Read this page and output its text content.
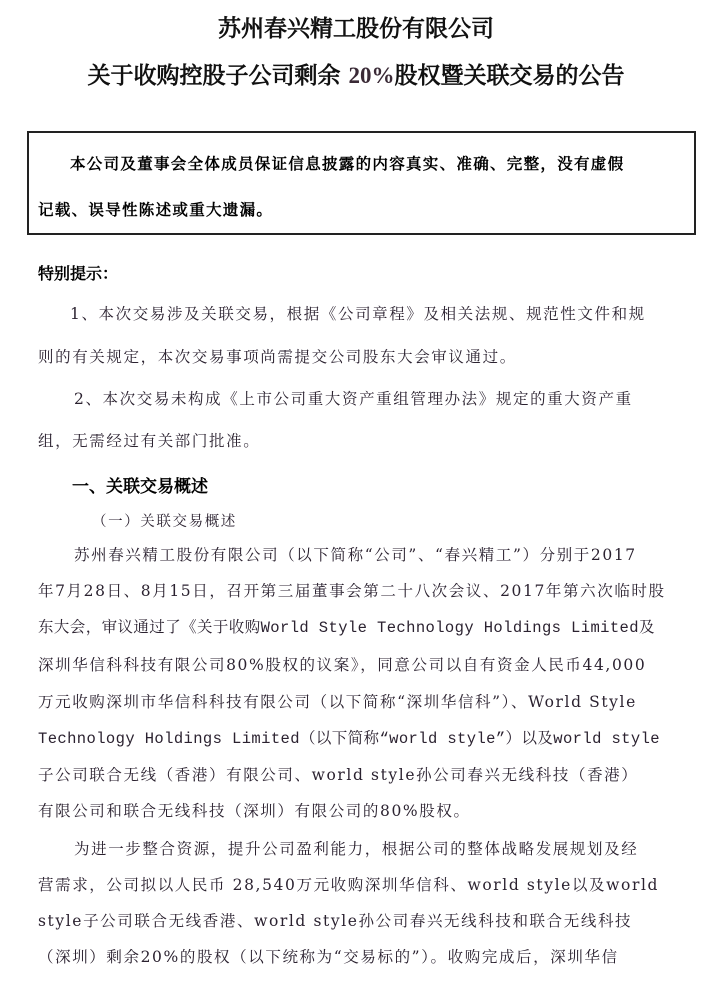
苏州春兴精工股份有限公司
关于收购控股子公司剩余 20%股权暨关联交易的公告
本公司及董事会全体成员保证信息披露的内容真实、准确、完整，没有虚假
记载、误导性陈述或重大遗漏。
特别提示：
1、本次交易涉及关联交易，根据《公司章程》及相关法规、规范性文件和规
则的有关规定，本次交易事项尚需提交公司股东大会审议通过。
2、本次交易未构成《上市公司重大资产重组管理办法》规定的重大资产重
组，无需经过有关部门批准。
一、关联交易概述
（一）关联交易概述
苏州春兴精工股份有限公司（以下简称“公司”、“春兴精工”）分别于2017
年7月28日、8月15日，召开第三届董事会第二十八次会议、2017年第六次临时股
东大会，审议通过了《关于收购World Style Technology Holdings Limited及
深圳华信科科技有限公司80%股权的议案》，同意公司以自有资金人民币44,000
万元收购深圳市华信科科技有限公司（以下简称“深圳华信科”）、World Style
Technology Holdings Limited（以下简称“world style”）以及world style
子公司联合无线（香港）有限公司、world style孙公司春兴无线科技（香港）
有限公司和联合无线科技（深圳）有限公司的80%股权。
为进一步整合资源，提升公司盈利能力，根据公司的整体战略发展规划及经
营需求，公司拟以人民币 28,540万元收购深圳华信科、world style以及world
style子公司联合无线香港、world style孙公司春兴无线科技和联合无线科技
（深圳）剩余20%的股权（以下统称为“交易标的”）。收购完成后，深圳华信
